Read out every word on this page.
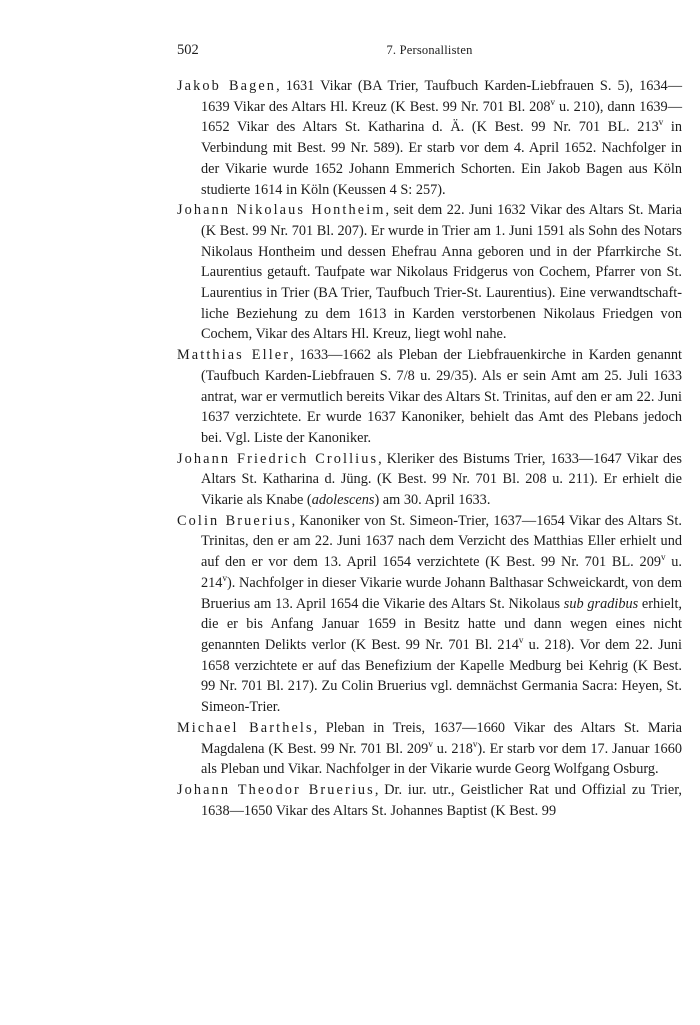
502	7. Personallisten

Jakob Bagen, 1631 Vikar (BA Trier, Taufbuch Karden-Liebfrauen S. 5), 1634—1639 Vikar des Altars Hl. Kreuz (K Best. 99 Nr. 701 Bl. 208$^v$ u. 210), dann 1639—1652 Vikar des Altars St. Katharina d. Ä. (K Best. 99 Nr. 701 BL. 213$^v$ in Verbindung mit Best. 99 Nr. 589). Er starb vor dem 4. April 1652. Nachfolger in der Vikarie wurde 1652 Johann Emmerich Schorten. Ein Jakob Bagen aus Köln studierte 1614 in Köln (Keussen 4 S: 257).

Johann Nikolaus Hontheim, seit dem 22. Juni 1632 Vikar des Altars St. Maria (K Best. 99 Nr. 701 Bl. 207). Er wurde in Trier am 1. Juni 1591 als Sohn des Notars Nikolaus Hontheim und dessen Ehefrau Anna geboren und in der Pfarrkirche St. Laurentius getauft. Taufpate war Nikolaus Fridgerus von Cochem, Pfarrer von St. Laurentius in Trier (BA Trier, Taufbuch Trier-St. Laurentius). Eine verwandtschaftliche Beziehung zu dem 1613 in Karden verstorbenen Nikolaus Friedgen von Cochem, Vikar des Altars Hl. Kreuz, liegt wohl nahe.

Matthias Eller, 1633—1662 als Pleban der Liebfrauenkirche in Karden genannt (Taufbuch Karden-Liebfrauen S. 7/8 u. 29/35). Als er sein Amt am 25. Juli 1633 antrat, war er vermutlich bereits Vikar des Altars St. Trinitas, auf den er am 22. Juni 1637 verzichtete. Er wurde 1637 Kanoniker, behielt das Amt des Plebans jedoch bei. Vgl. Liste der Kanoniker.

Johann Friedrich Crollius, Kleriker des Bistums Trier, 1633—1647 Vikar des Altars St. Katharina d. Jüng. (K Best. 99 Nr. 701 Bl. 208 u. 211). Er erhielt die Vikarie als Knabe (adolescens) am 30. April 1633.

Colin Bruerius, Kanoniker von St. Simeon-Trier, 1637—1654 Vikar des Altars St. Trinitas, den er am 22. Juni 1637 nach dem Verzicht des Matthias Eller erhielt und auf den er vor dem 13. April 1654 verzichtete (K Best. 99 Nr. 701 BL. 209$^v$ u. 214$^v$). Nachfolger in dieser Vikarie wurde Johann Balthasar Schweickardt, von dem Bruerius am 13. April 1654 die Vikarie des Altars St. Nikolaus sub gradibus erhielt, die er bis Anfang Januar 1659 in Besitz hatte und dann wegen eines nicht genannten Delikts verlor (K Best. 99 Nr. 701 Bl. 214$^v$ u. 218). Vor dem 22. Juni 1658 verzichtete er auf das Benefizium der Kapelle Medburg bei Kehrig (K Best. 99 Nr. 701 Bl. 217). Zu Colin Bruerius vgl. demnächst Germania Sacra: Heyen, St. Simeon-Trier.

Michael Barthels, Pleban in Treis, 1637—1660 Vikar des Altars St. Maria Magdalena (K Best. 99 Nr. 701 Bl. 209$^v$ u. 218$^v$). Er starb vor dem 17. Januar 1660 als Pleban und Vikar. Nachfolger in der Vikarie wurde Georg Wolfgang Osburg.

Johann Theodor Bruerius, Dr. iur. utr., Geistlicher Rat und Offizial zu Trier, 1638—1650 Vikar des Altars St. Johannes Baptist (K Best. 99
